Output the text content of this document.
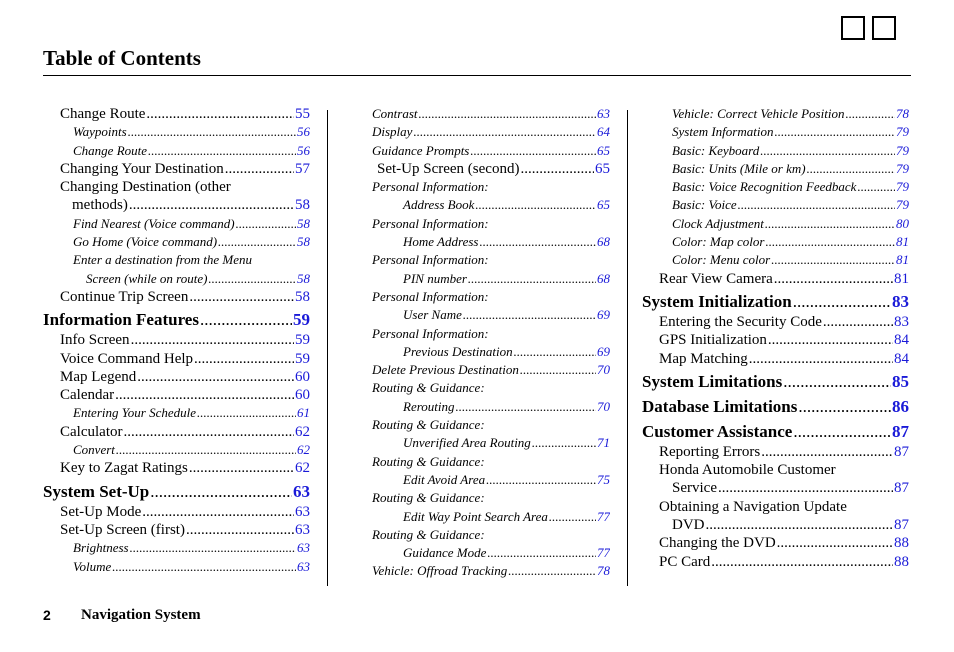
Table of Contents
Change Route .....	55
Waypoints .....	56
Change Route .....	56
Changing Your Destination .....	57
Changing Destination (other
methods) .....	58
Find Nearest (Voice command) .....	58
Go Home (Voice command) .....	58
Enter a destination from the Menu
Screen (while on route) .....	58
Continue Trip Screen .....	58
Information Features .....	59
Info Screen .....	59
Voice Command Help .....	59
Map Legend .....	60
Calendar .....	60
Entering Your Schedule .....	61
Calculator .....	62
Convert .....	62
Key to Zagat Ratings .....	62
System Set-Up .....	63
Set-Up Mode .....	63
Set-Up Screen (first) .....	63
Brightness .....	63
Volume .....	63
Contrast .....	63
Display .....	64
Guidance Prompts .....	65
Set-Up Screen (second) .....	65
Personal Information:
Address Book .....	65
Personal Information:
Home Address .....	68
Personal Information:
PIN number .....	68
Personal Information:
User Name .....	69
Personal Information:
Previous Destination .....	69
Delete Previous Destination .....	70
Routing & Guidance:
Rerouting .....	70
Routing & Guidance:
Unverified Area Routing .....	71
Routing & Guidance:
Edit Avoid Area .....	75
Routing & Guidance:
Edit Way Point Search Area .....	77
Routing & Guidance:
Guidance Mode .....	77
Vehicle: Offroad Tracking .....	78
Vehicle: Correct Vehicle Position .....	78
System Information .....	79
Basic: Keyboard .....	79
Basic: Units (Mile or km) .....	79
Basic: Voice Recognition Feedback .....	79
Basic: Voice .....	79
Clock Adjustment .....	80
Color: Map color .....	81
Color: Menu color .....	81
Rear View Camera .....	81
System Initialization .....	83
Entering the Security Code .....	83
GPS Initialization .....	84
Map Matching .....	84
System Limitations .....	85
Database Limitations .....	86
Customer Assistance .....	87
Reporting Errors .....	87
Honda Automobile Customer
Service .....	87
Obtaining a Navigation Update
DVD .....	87
Changing the DVD .....	88
PC Card .....	88
2 Navigation System
